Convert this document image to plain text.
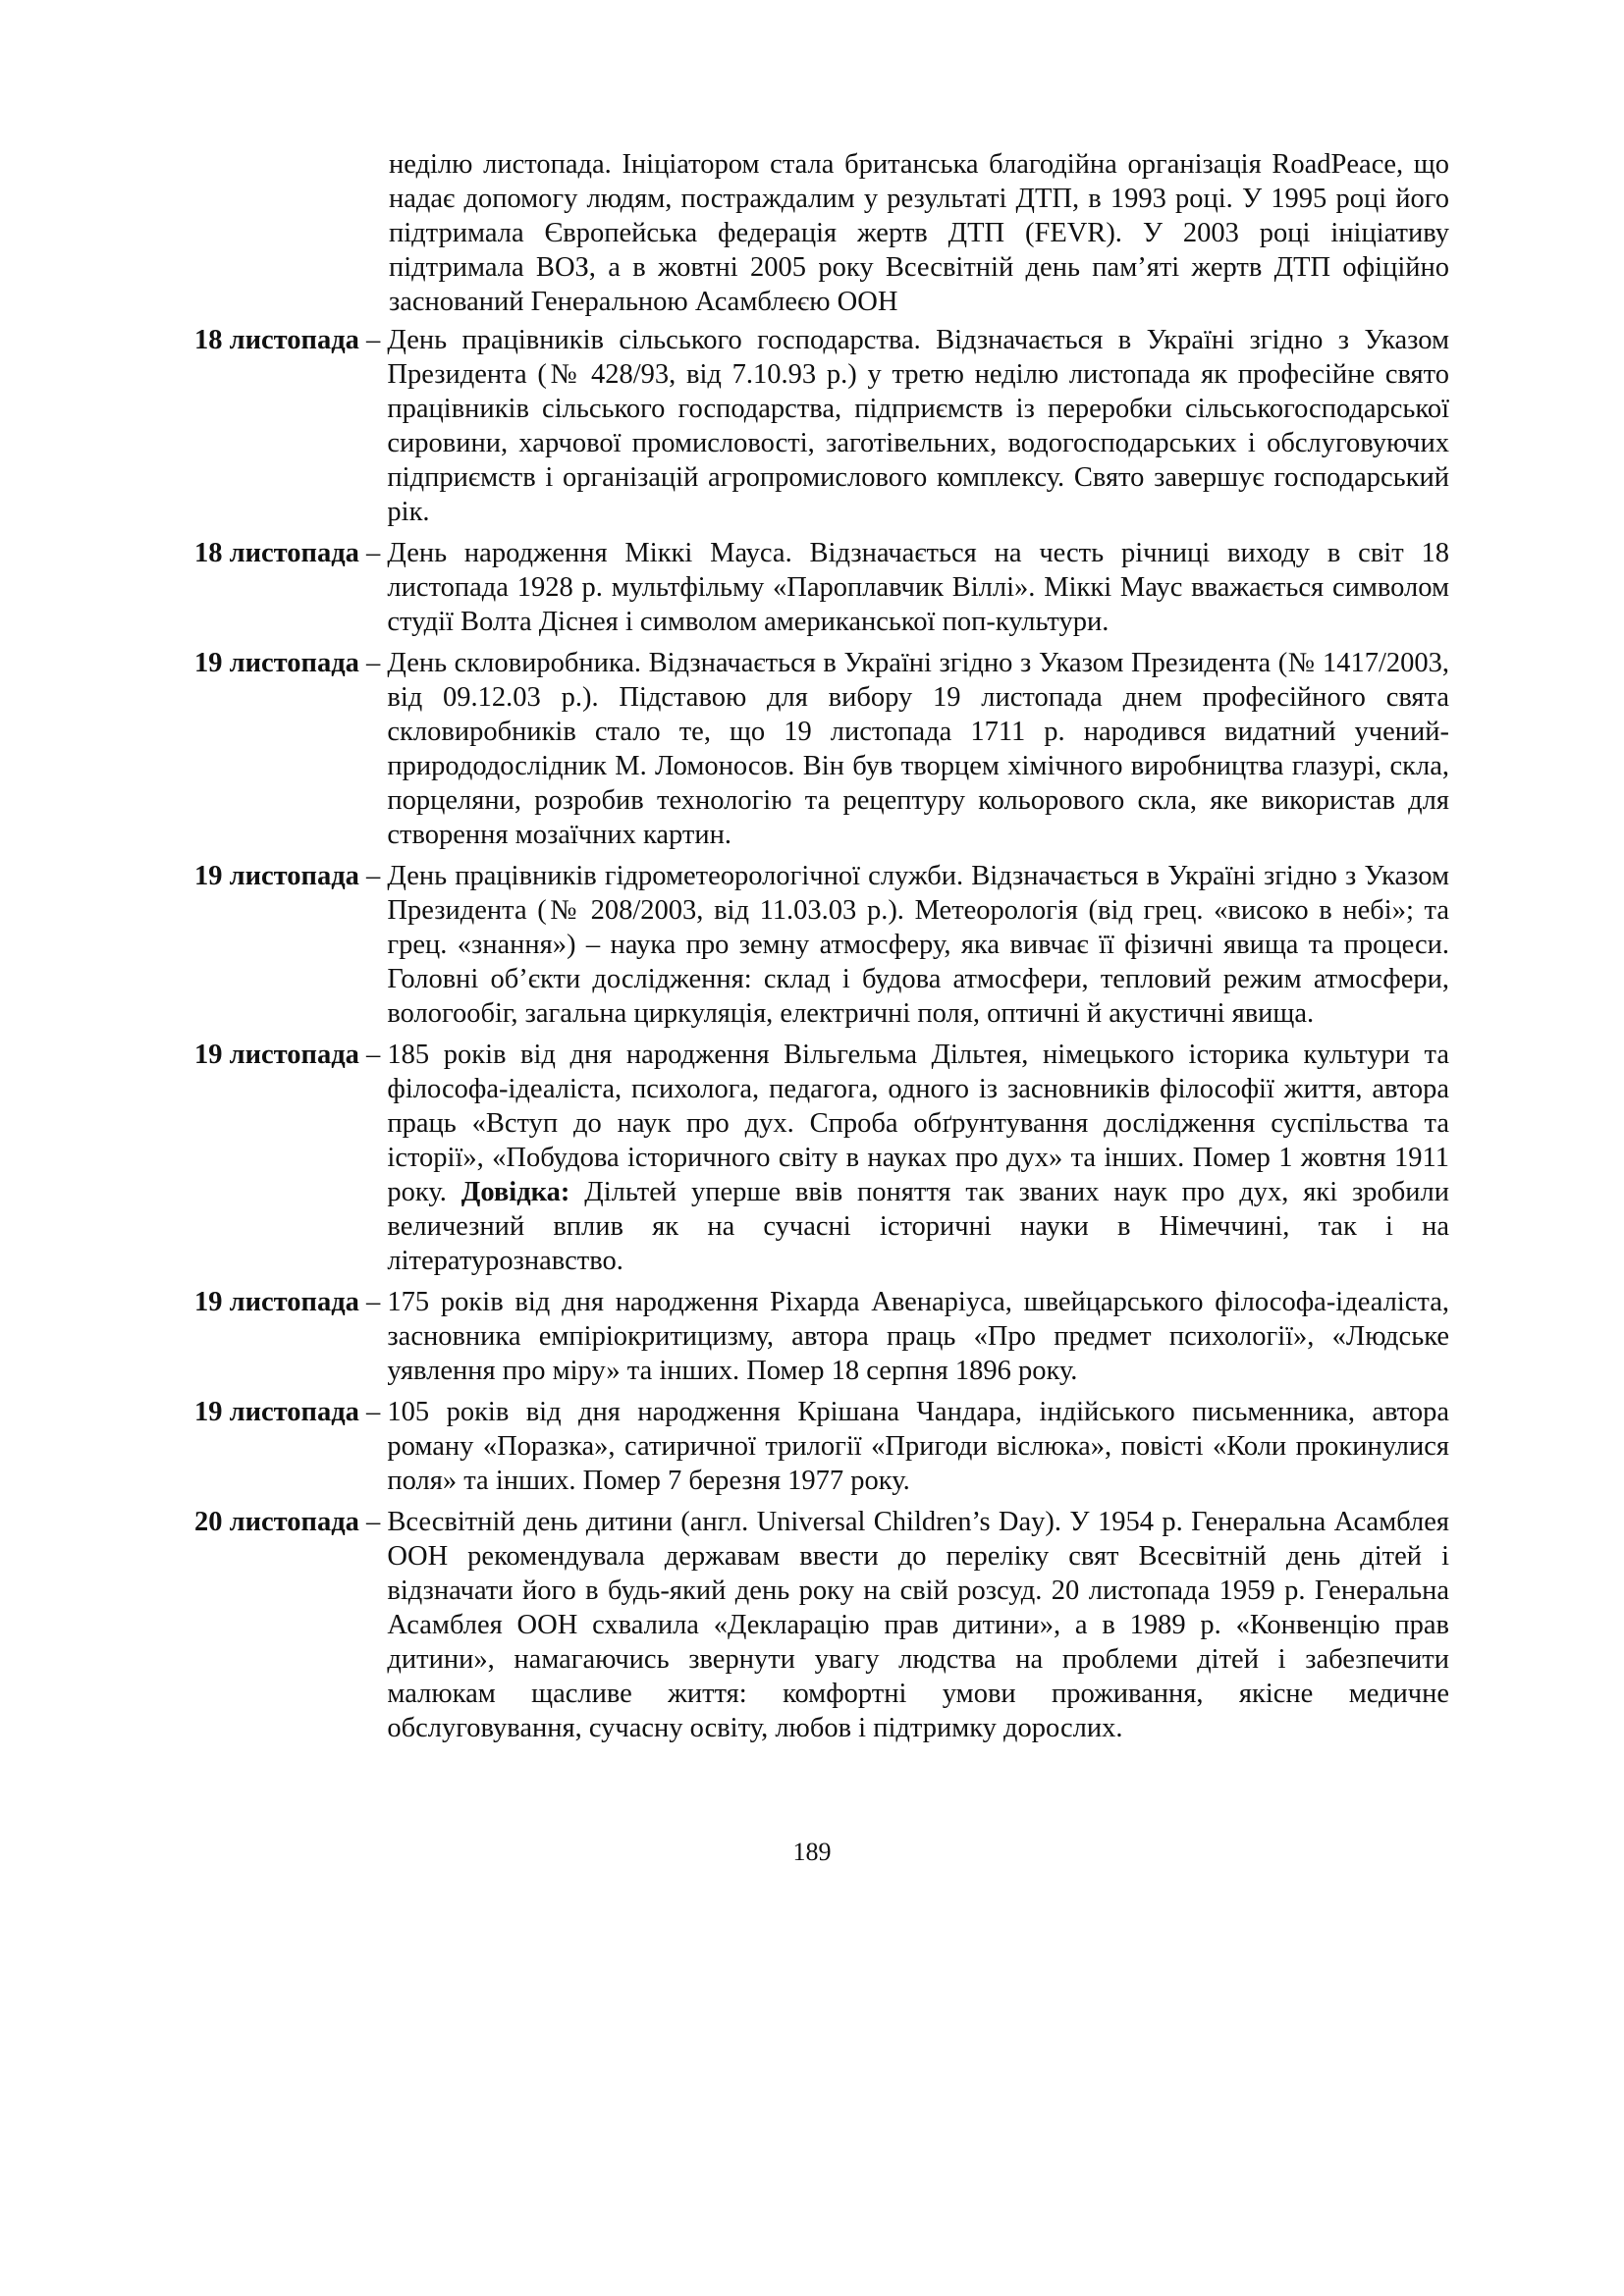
неділю листопада. Ініціатором стала британська благодійна організація RoadPeace, що надає допомогу людям, постраждалим у результаті ДТП, в 1993 році. У 1995 році його підтримала Європейська федерація жертв ДТП (FEVR). У 2003 році ініціативу підтримала ВОЗ, а в жовтні 2005 року Всесвітній день пам’яті жертв ДТП офіційно заснований Генеральною Асамблеєю ООН

18 листопада – День працівників сільського господарства. Відзначається в Україні згідно з Указом Президента (№ 428/93, від 7.10.93 р.) у третю неділю листопада як професійне свято працівників сільського господарства, підприємств із переробки сільськогосподарської сировини, харчової промисловості, заготівельних, водогосподарських і обслуговуючих підприємств і організацій агропромислового комплексу. Свято завершує господарський рік.
18 листопада – День народження Міккі Мауса. Відзначається на честь річниці виходу в світ 18 листопада 1928 р. мультфільму «Пароплавчик Віллі». Міккі Маус вважається символом студії Волта Діснея і символом американської поп-культури.
19 листопада – День скловиробника. Відзначається в Україні згідно з Указом Президента (№ 1417/2003, від 09.12.03 р.). Підставою для вибору 19 листопада днем професійного свята скловиробників стало те, що 19 листопада 1711 р. народився видатний учений-природодослідник М. Ломоносов. Він був творцем хімічного виробництва глазурі, скла, порцеляни, розробив технологію та рецептуру кольорового скла, яке використав для створення мозаїчних картин.
19 листопада – День працівників гідрометеорологічної служби. Відзначається в Україні згідно з Указом Президента (№ 208/2003, від 11.03.03 р.). Метеорологія (від грец. «високо в небі»; та грец. «знання») – наука про земну атмосферу, яка вивчає її фізичні явища та процеси. Головні об’єкти дослідження: склад і будова атмосфери, тепловий режим атмосфери, вологообіг, загальна циркуляція, електричні поля, оптичні й акустичні явища.
19 листопада – 185 років від дня народження Вільгельма Дільтея, німецького історика культури та філософа-ідеаліста, психолога, педагога, одного із засновників філософії життя, автора праць «Вступ до наук про дух. Спроба обґрунтування дослідження суспільства та історії», «Побудова історичного світу в науках про дух» та інших. Помер 1 жовтня 1911 року. Довідка: Дільтей уперше ввів поняття так званих наук про дух, які зробили величезний вплив як на сучасні історичні науки в Німеччині, так і на літературознавство.
19 листопада – 175 років від дня народження Ріхарда Авенаріуса, швейцарського філософа-ідеаліста, засновника емпіріокритицизму, автора праць «Про предмет психології», «Людське уявлення про міру» та інших. Помер 18 серпня 1896 року.
19 листопада – 105 років від дня народження Крішана Чандара, індійського письменника, автора роману «Поразка», сатиричної трилогії «Пригоди віслюка», повісті «Коли прокинулися поля» та інших. Помер 7 березня 1977 року.
20 листопада – Всесвітній день дитини (англ. Universal Children’s Day). У 1954 р. Генеральна Асамблея ООН рекомендувала державам ввести до переліку свят Всесвітній день дітей і відзначати його в будь-який день року на свій розсуд. 20 листопада 1959 р. Генеральна Асамблея ООН схвалила «Декларацію прав дитини», а в 1989 р. «Конвенцію прав дитини», намагаючись звернути увагу людства на проблеми дітей і забезпечити малюкам щасливе життя: комфортні умови проживання, якісне медичне обслуговування, сучасну освіту, любов і підтримку дорослих.
189
